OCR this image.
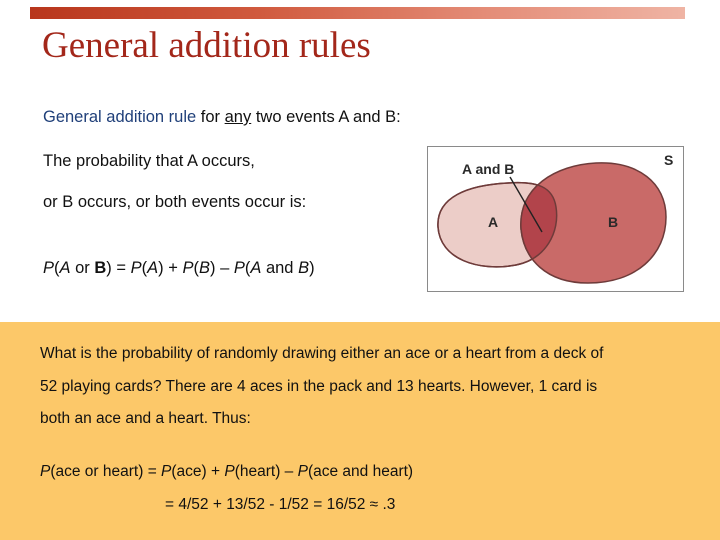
General addition rules
General addition rule for any two events A and B:
The probability that A occurs,
or B occurs, or both events occur is:
P(A or B) = P(A) + P(B) – P(A and B)
A and B
S
A	B
What is the probability of randomly drawing either an ace or a heart from a deck of
52 playing cards? There are 4 aces in the pack and 13 hearts. However, 1 card is
both an ace and a heart. Thus:
P(ace or heart) = P(ace) + P(heart) – P(ace and heart)
= 4/52 + 13/52 - 1/52 = 16/52 ≈ .3
